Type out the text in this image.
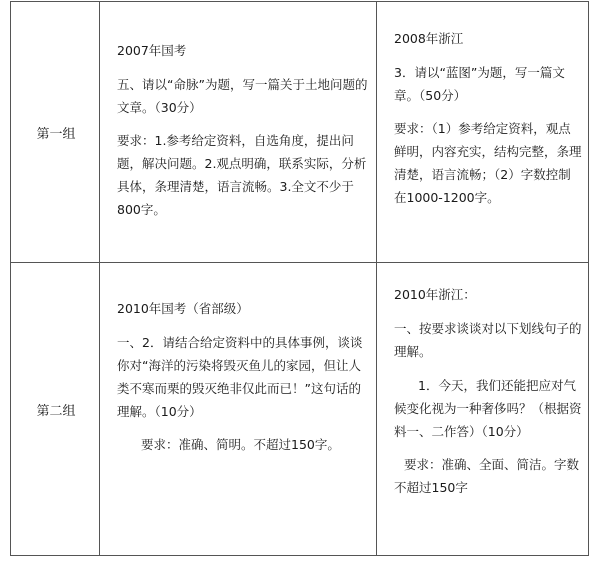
第一组

2007年国考

五、请以“命脉”为题，写一篇关于土地问题的文章。（30分）

要求：1.参考给定资料，自选角度，提出问题，解决问题。2.观点明确，联系实际，分析具体，条理清楚，语言流畅。3.全文不少于800字。

2008年浙江

3．请以“蓝图”为题，写一篇文章。（50分）

要求：（1）参考给定资料，观点鲜明，内容充实，结构完整，条理清楚，语言流畅；（2）字数控制在1000-1200字。

第二组

2010年国考（省部级）

一、2．请结合给定资料中的具体事例，谈谈你对“海洋的污染将毁灭鱼儿的家园，但让人类不寒而栗的毁灭绝非仅此而已！”这句话的理解。（10分）

要求：准确、简明。不超过150字。

2010年浙江：

一、按要求谈谈对以下划线句子的理解。

1．今天，我们还能把应对气候变化视为一种奢侈吗？（根据资料一、二作答）（10分）

要求：准确、全面、简洁。字数不超过150字
